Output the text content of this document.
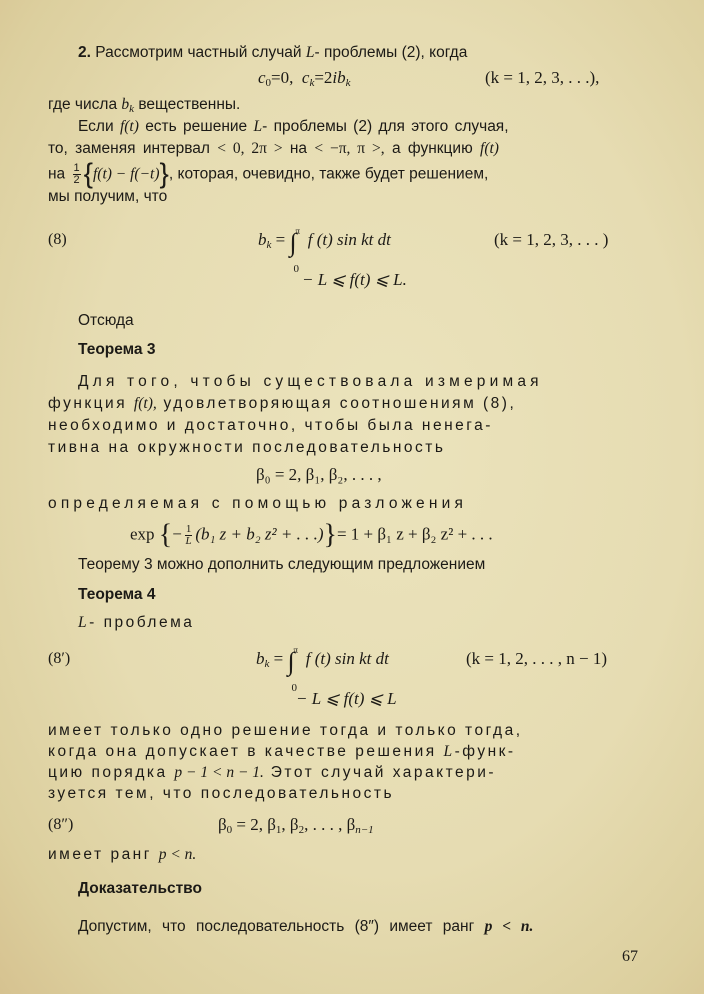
2. Рассмотрим частный случай L- проблемы (2), когда
$c_0=0$,  $c_k=2ib_k$	(k = 1, 2, 3, . . .),
где числа $b_k$ вещественны.
Если f(t) есть решение L- проблемы (2) для этого случая,
то, заменяя интервал < 0, 2π > на < −π, π >, а функцию f(t)
на $\frac{1}{2} \{f(t) - f(-t)\}$, которая, очевидно, также будет решением,
мы получим, что
(8)	$b_k$ = ∫
π
0
f (t) sin kt dt	(k = 1, 2, 3, . . . )
− L ⩽ f(t) ⩽ L.
Отсюда
Теорема 3
Для того, чтобы существовала измеримая
функция f(t), удовлетворяющая соотношениям (8),
необходимо и достаточно, чтобы была ненега-
тивна на окружности последовательность
β₀ = 2, β₁, β₂, . . . ,
определяемая с помощью разложения
exp {− $\frac{1}{L} (b_1$ z + b₂ z² + . . .)}= 1 + β₁ z + β₂ z² + . . .
Теорему 3 можно дополнить следующим предложением
Теорема 4
L- проблема
(8′)	$b_k$ = ∫
π
0
f (t) sin kt dt	(k = 1, 2, . . . , n − 1)
− L ⩽ f(t) ⩽ L
имеет только одно решение тогда и только тогда,
когда она допускает в качестве решения L-функ-
цию порядка p − 1 < n − 1. Этот случай характери-
зуется тем, что последовательность
(8″)	$\beta_0 = 2$, $\beta_1$, $\beta_2$, . . . , $\beta_{n-1}$
имеет ранг p < n.
Доказательство
Допустим, что последовательность (8″) имеет ранг p < n.
67
